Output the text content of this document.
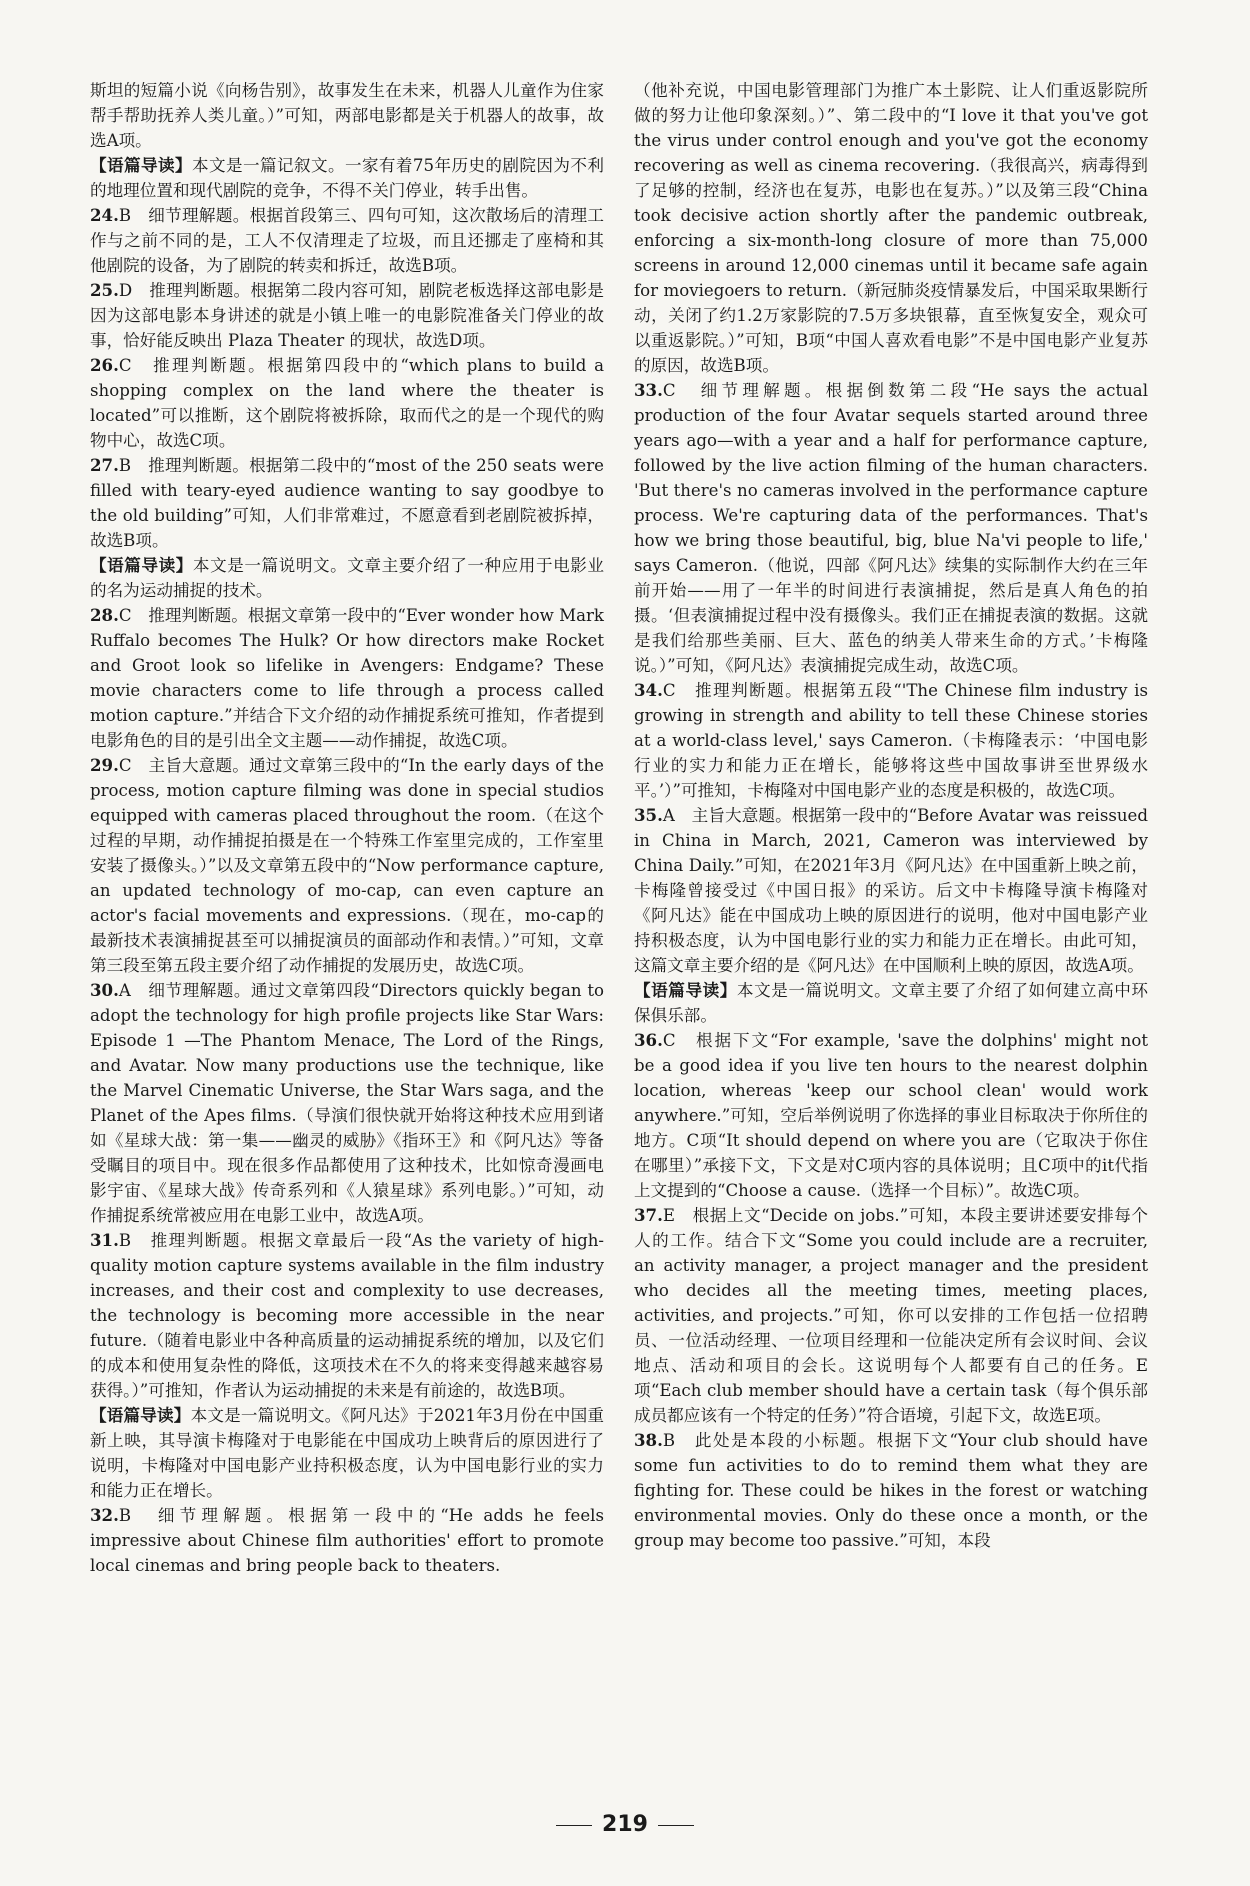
斯坦的短篇小说《向杨告别》，故事发生在未来，机器人儿童作为住家帮手帮助抚养人类儿童。）”可知，两部电影都是关于机器人的故事，故选A项。

【语篇导读】本文是一篇记叙文。一家有着75年历史的剧院因为不利的地理位置和现代剧院的竞争，不得不关门停业，转手出售。

24.B　细节理解题。根据首段第三、四句可知，这次散场后的清理工作与之前不同的是，工人不仅清理走了垃圾，而且还挪走了座椅和其他剧院的设备，为了剧院的转卖和拆迁，故选B项。

25.D　推理判断题。根据第二段内容可知，剧院老板选择这部电影是因为这部电影本身讲述的就是小镇上唯一的电影院准备关门停业的故事，恰好能反映出 Plaza Theater 的现状，故选D项。

26.C　推理判断题。根据第四段中的“which plans to build a shopping complex on the land where the theater is located”可以推断，这个剧院将被拆除，取而代之的是一个现代的购物中心，故选C项。

27.B　推理判断题。根据第二段中的“most of the 250 seats were filled with teary-eyed audience wanting to say goodbye to the old building”可知，人们非常难过，不愿意看到老剧院被拆掉，故选B项。

【语篇导读】本文是一篇说明文。文章主要介绍了一种应用于电影业的名为运动捕捉的技术。

28.C　推理判断题。根据文章第一段中的“Ever wonder how Mark Ruffalo becomes The Hulk? Or how directors make Rocket and Groot look so lifelike in Avengers: Endgame? These movie characters come to life through a process called motion capture.”并结合下文介绍的动作捕捉系统可推知，作者提到电影角色的目的是引出全文主题——动作捕捉，故选C项。

29.C　主旨大意题。通过文章第三段中的“In the early days of the process, motion capture filming was done in special studios equipped with cameras placed throughout the room.（在这个过程的早期，动作捕捉拍摄是在一个特殊工作室里完成的，工作室里安装了摄像头。）”以及文章第五段中的“Now performance capture, an updated technology of mo-cap, can even capture an actor's facial movements and expressions.（现在，mo-cap的最新技术表演捕捉甚至可以捕捉演员的面部动作和表情。）”可知，文章第三段至第五段主要介绍了动作捕捉的发展历史，故选C项。

30.A　细节理解题。通过文章第四段“Directors quickly began to adopt the technology for high profile projects like Star Wars: Episode 1 —The Phantom Menace, The Lord of the Rings, and Avatar. Now many productions use the technique, like the Marvel Cinematic Universe, the Star Wars saga, and the Planet of the Apes films.（导演们很快就开始将这种技术应用到诸如《星球大战：第一集——幽灵的威胁》《指环王》和《阿凡达》等备受瞩目的项目中。现在很多作品都使用了这种技术，比如惊奇漫画电影宇宙、《星球大战》传奇系列和《人猿星球》系列电影。）”可知，动作捕捉系统常被应用在电影工业中，故选A项。

31.B　推理判断题。根据文章最后一段“As the variety of high-quality motion capture systems available in the film industry increases, and their cost and complexity to use decreases, the technology is becoming more accessible in the near future.（随着电影业中各种高质量的运动捕捉系统的增加，以及它们的成本和使用复杂性的降低，这项技术在不久的将来变得越来越容易获得。）”可推知，作者认为运动捕捉的未来是有前途的，故选B项。

【语篇导读】本文是一篇说明文。《阿凡达》于2021年3月份在中国重新上映，其导演卡梅隆对于电影能在中国成功上映背后的原因进行了说明，卡梅隆对中国电影产业持积极态度，认为中国电影行业的实力和能力正在增长。

32.B　细节理解题。根据第一段中的“He adds he feels impressive about Chinese film authorities' effort to promote local cinemas and bring people back to theaters.

（他补充说，中国电影管理部门为推广本土影院、让人们重返影院所做的努力让他印象深刻。）”、第二段中的“I love it that you've got the virus under control enough and you've got the economy recovering as well as cinema recovering.（我很高兴，病毒得到了足够的控制，经济也在复苏，电影也在复苏。）”以及第三段“China took decisive action shortly after the pandemic outbreak, enforcing a six-month-long closure of more than 75,000 screens in around 12,000 cinemas until it became safe again for moviegoers to return.（新冠肺炎疫情暴发后，中国采取果断行动，关闭了约1.2万家影院的7.5万多块银幕，直至恢复安全，观众可以重返影院。）”可知，B项“中国人喜欢看电影”不是中国电影产业复苏的原因，故选B项。

33.C　细节理解题。根据倒数第二段“He says the actual production of the four Avatar sequels started around three years ago—with a year and a half for performance capture, followed by the live action filming of the human characters. 'But there's no cameras involved in the performance capture process. We're capturing data of the performances. That's how we bring those beautiful, big, blue Na'vi people to life,' says Cameron.（他说，四部《阿凡达》续集的实际制作大约在三年前开始——用了一年半的时间进行表演捕捉，然后是真人角色的拍摄。‘但表演捕捉过程中没有摄像头。我们正在捕捉表演的数据。这就是我们给那些美丽、巨大、蓝色的纳美人带来生命的方式。’卡梅隆说。）”可知，《阿凡达》表演捕捉完成生动，故选C项。

34.C　推理判断题。根据第五段“'The Chinese film industry is growing in strength and ability to tell these Chinese stories at a world-class level,' says Cameron.（卡梅隆表示：‘中国电影行业的实力和能力正在增长，能够将这些中国故事讲至世界级水平。’）”可推知，卡梅隆对中国电影产业的态度是积极的，故选C项。

35.A　主旨大意题。根据第一段中的“Before Avatar was reissued in China in March, 2021, Cameron was interviewed by China Daily.”可知，在2021年3月《阿凡达》在中国重新上映之前，卡梅隆曾接受过《中国日报》的采访。后文中卡梅隆导演卡梅隆对《阿凡达》能在中国成功上映的原因进行的说明，他对中国电影产业持积极态度，认为中国电影行业的实力和能力正在增长。由此可知，这篇文章主要介绍的是《阿凡达》在中国顺利上映的原因，故选A项。

【语篇导读】本文是一篇说明文。文章主要了介绍了如何建立高中环保俱乐部。

36.C　根据下文“For example, 'save the dolphins' might not be a good idea if you live ten hours to the nearest dolphin location, whereas 'keep our school clean' would work anywhere.”可知，空后举例说明了你选择的事业目标取决于你所住的地方。C项“It should depend on where you are（它取决于你住在哪里）”承接下文，下文是对C项内容的具体说明；且C项中的it代指上文提到的“Choose a cause.（选择一个目标）”。故选C项。

37.E　根据上文“Decide on jobs.”可知，本段主要讲述要安排每个人的工作。结合下文“Some you could include are a recruiter, an activity manager, a project manager and the president who decides all the meeting times, meeting places, activities, and projects.”可知，你可以安排的工作包括一位招聘员、一位活动经理、一位项目经理和一位能决定所有会议时间、会议地点、活动和项目的会长。这说明每个人都要有自己的任务。E项“Each club member should have a certain task（每个俱乐部成员都应该有一个特定的任务）”符合语境，引起下文，故选E项。

38.B　此处是本段的小标题。根据下文“Your club should have some fun activities to do to remind them what they are fighting for. These could be hikes in the forest or watching environmental movies. Only do these once a month, or the group may become too passive.”可知，本段

219
